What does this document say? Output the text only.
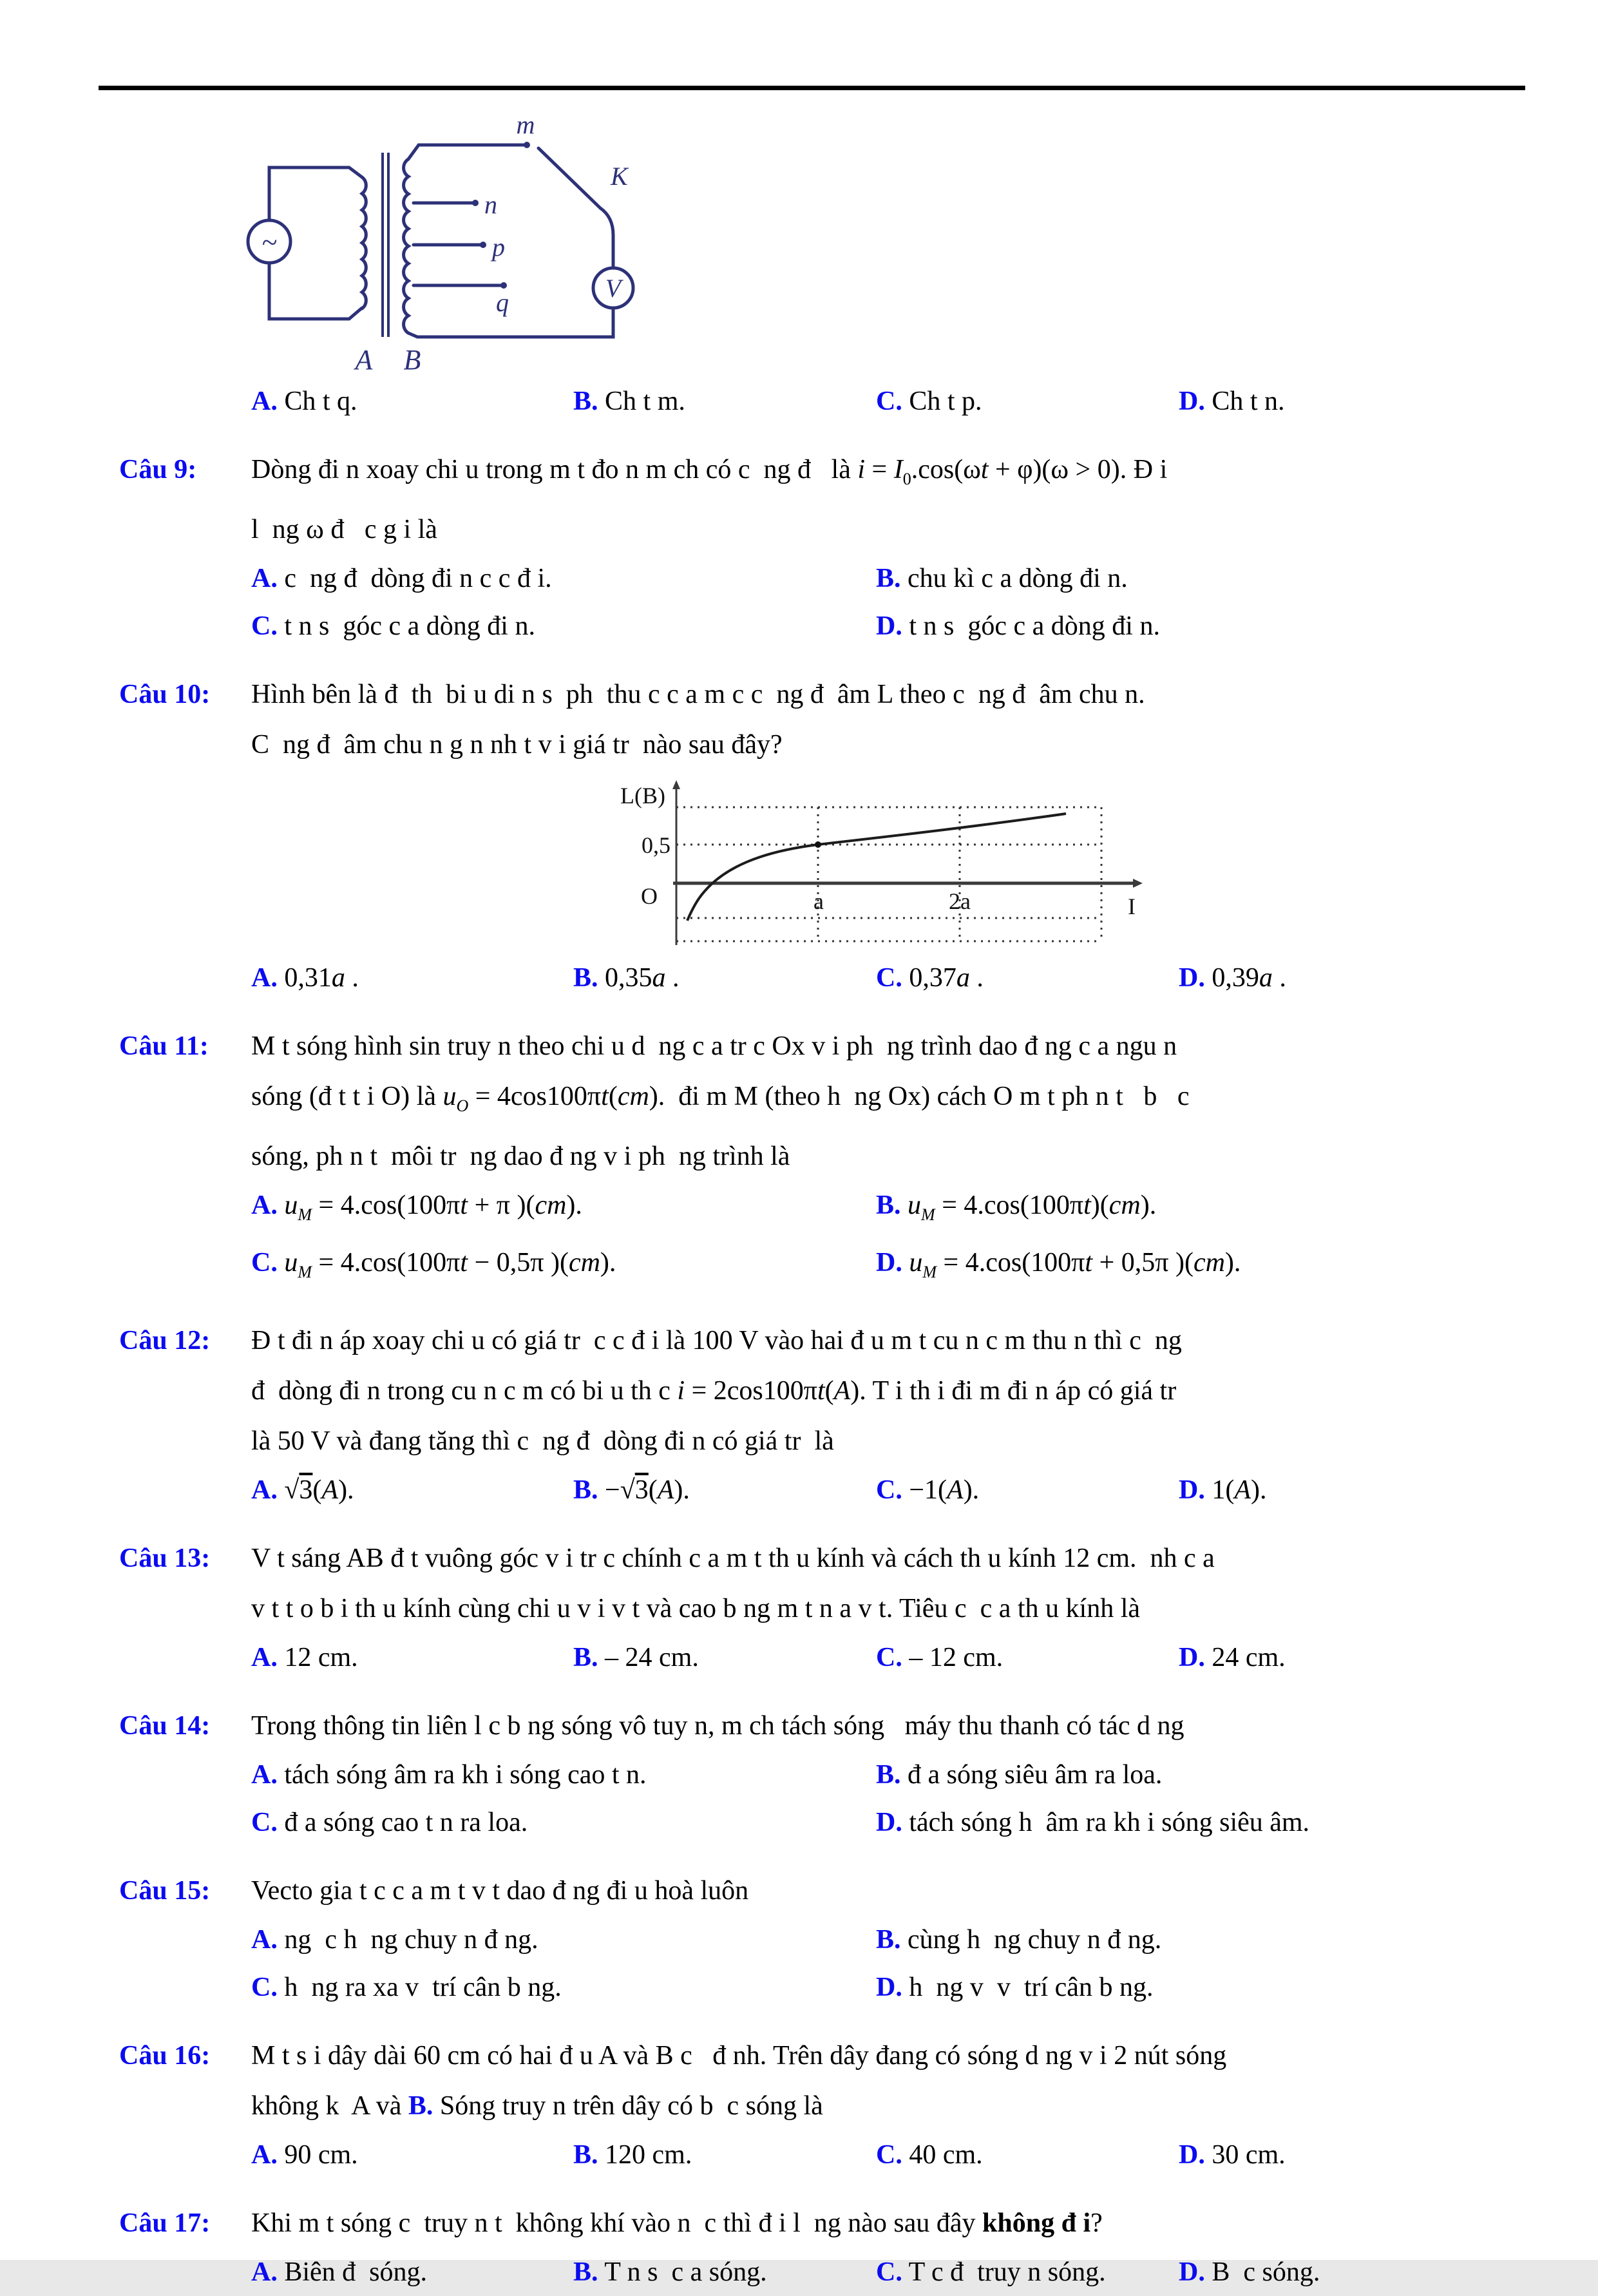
~
m
K
n
p
q	V
A B
A. Ch t q.	B. Ch t m.	C. Ch t p.	D. Ch t n.
Câu 9:	Dòng đi n xoay chi u trong m t đo n m ch có c  ng đ   là $i = I_0.\cos(\omega t + \varphi)(\omega > 0)$. Đ i
l  ng ω đ   c g i là
A. c  ng đ  dòng đi n c c đ i.	B. chu kì c a dòng đi n.
C. t n s  góc c a dòng đi n.	D. t n s  góc c a dòng đi n.
Câu 10:	Hình bên là đ  th  bi u di n s  ph  thu c c a m c c  ng đ  âm L theo c  ng đ  âm chu n.
C  ng đ  âm chu n g n nh t v i giá tr  nào sau đây?
L(B)
0,5
O	a	2a	I
A. 0,31a .	B. 0,35a .	C. 0,37a .	D. 0,39a .
Câu 11:	M t sóng hình sin truy n theo chi u d  ng c a tr c Ox v i ph  ng trình dao đ ng c a ngu n
sóng (đ t t i O) là $u_O = 4\cos 100\pi t(cm)$.  đi m M (theo h  ng Ox) cách O m t ph n t   b   c
sóng, ph n t  môi tr  ng dao đ ng v i ph  ng trình là
A. $u_M = 4.\cos(100\pi t + \pi$ )(cm).	B. $u_M = 4.\cos(100\pi t)(cm)$.
C. $u_M = 4.\cos(100\pi t - 0,5\pi$ )(cm).	D. $u_M = 4.\cos(100\pi t + 0,5\pi$ )(cm).
Câu 12:	Đ t đi n áp xoay chi u có giá tr  c c đ i là 100 V vào hai đ u m t cu n c m thu n thì c  ng
đ  dòng đi n trong cu n c m có bi u th c i = 2cos100πt(A). T i th i đi m đi n áp có giá tr
là 50 V và đang tăng thì c  ng đ  dòng đi n có giá tr  là
A. √3(A).	B. −√3(A).	C. −1(A).	D. 1(A).
Câu 13:	V t sáng AB đ t vuông góc v i tr c chính c a m t th u kính và cách th u kính 12 cm.  nh c a
v t t o b i th u kính cùng chi u v i v t và cao b ng m t n a v t. Tiêu c  c a th u kính là
A. 12 cm.	B. – 24 cm.	C. – 12 cm.	D. 24 cm.
Câu 14:	Trong thông tin liên l c b ng sóng vô tuy n, m ch tách sóng   máy thu thanh có tác d ng
A. tách sóng âm ra kh i sóng cao t n.	B. đ a sóng siêu âm ra loa.
C. đ a sóng cao t n ra loa.	D. tách sóng h  âm ra kh i sóng siêu âm.
Câu 15:	Vecto gia t c c a m t v t dao đ ng đi u hoà luôn
A. ng  c h  ng chuy n đ ng.	B. cùng h  ng chuy n đ ng.
C. h  ng ra xa v  trí cân b ng.	D. h  ng v  v  trí cân b ng.
Câu 16:	M t s i dây dài 60 cm có hai đ u A và B c   đ nh. Trên dây đang có sóng d ng v i 2 nút sóng
không k  A và B. Sóng truy n trên dây có b  c sóng là
A. 90 cm.	B. 120 cm.	C. 40 cm.	D. 30 cm.
Câu 17:	Khi m t sóng c  truy n t  không khí vào n  c thì đ i l  ng nào sau đây không đ i?
A. Biên đ  sóng.	B. T n s  c a sóng.	C. T c đ  truy n sóng.	D. B  c sóng.
